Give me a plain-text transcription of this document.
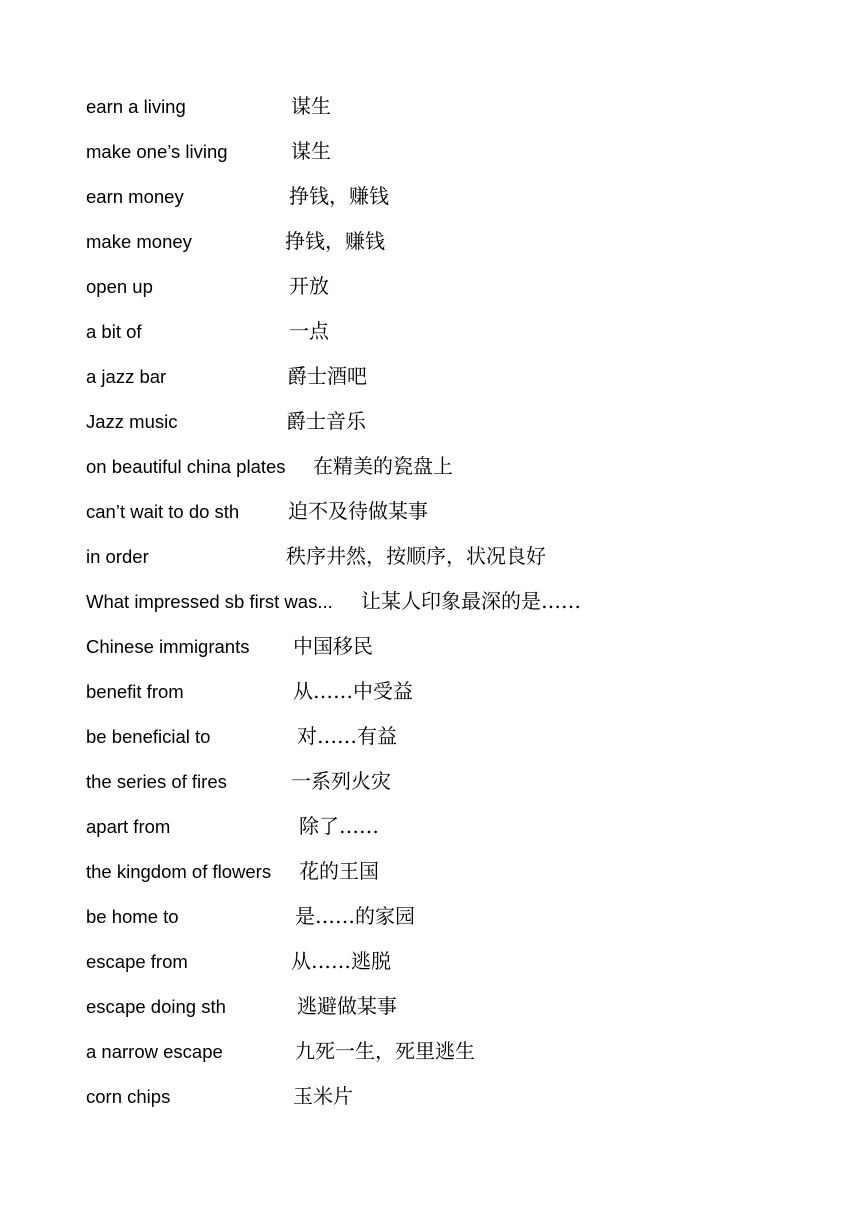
earn a living	谋生
make one’s living	谋生
earn money	挣钱，赚钱
make money	挣钱，赚钱
open up	开放
a bit of	一点
a jazz bar	爵士酒吧
Jazz music	爵士音乐
on beautiful china plates 在精美的瓷盘上
can’t wait to do sth 迫不及待做某事
in order	秩序井然，按顺序，状况良好
What impressed sb first was... 让某人印象最深的是……
Chinese immigrants 中国移民
benefit from	从……中受益
be beneficial to	对……有益
the series of fires	一系列火灾
apart from	除了……
the kingdom of flowers 花的王国
be home to	是……的家园
escape from	从……逃脱
escape doing sth	逃避做某事
a narrow escape	九死一生，死里逃生
corn chips	玉米片
